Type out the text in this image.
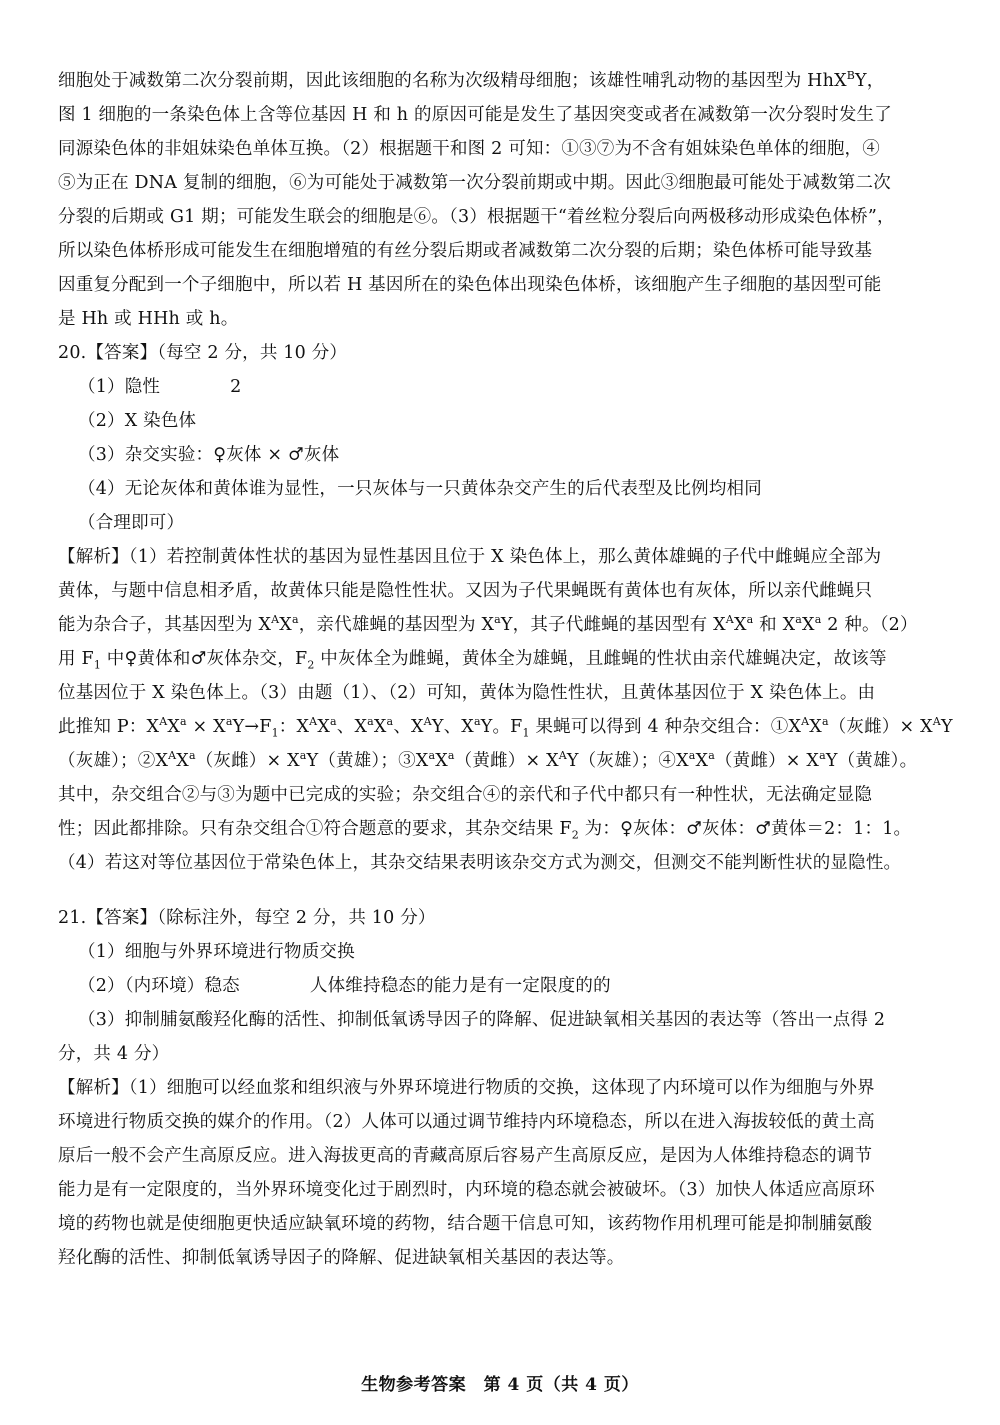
细胞处于减数第二次分裂前期，因此该细胞的名称为次级精母细胞；该雄性哺乳动物的基因型为 HhX$^B$Y，
图 1 细胞的一条染色体上含等位基因 H 和 h 的原因可能是发生了基因突变或者在减数第一次分裂时发生了
同源染色体的非姐妹染色单体互换。（2）根据题干和图 2 可知：①③⑦为不含有姐妹染色单体的细胞，④
⑤为正在 DNA 复制的细胞，⑥为可能处于减数第一次分裂前期或中期。因此③细胞最可能处于减数第二次
分裂的后期或 G1 期；可能发生联会的细胞是⑥。（3）根据题干“着丝粒分裂后向两极移动形成染色体桥”，
所以染色体桥形成可能发生在细胞增殖的有丝分裂后期或者减数第二次分裂的后期；染色体桥可能导致基
因重复分配到一个子细胞中，所以若 H 基因所在的染色体出现染色体桥，该细胞产生子细胞的基因型可能
是 Hh 或 HHh 或 h。
20.【答案】（每空 2 分，共 10 分）
（1）隐性	2
（2）X 染色体
（3）杂交实验：♀灰体 × ♂灰体
（4）无论灰体和黄体谁为显性，一只灰体与一只黄体杂交产生的后代表型及比例均相同
（合理即可）
【解析】（1）若控制黄体性状的基因为显性基因且位于 X 染色体上，那么黄体雄蝇的子代中雌蝇应全部为
黄体，与题中信息相矛盾，故黄体只能是隐性性状。又因为子代果蝇既有黄体也有灰体，所以亲代雌蝇只
能为杂合子，其基因型为 $X^AX^a$，亲代雄蝇的基因型为 $X^aY$，其子代雌蝇的基因型有 $X^AX^a$ 和 $X^aX^a$ 2 种。（2）
用 $F_1$ 中♀黄体和♂灰体杂交，$F_2$ 中灰体全为雌蝇，黄体全为雄蝇，且雌蝇的性状由亲代雄蝇决定，故该等
位基因位于 X 染色体上。（3）由题（1）、（2）可知，黄体为隐性性状，且黄体基因位于 X 染色体上。由
此推知 P：$X^AX^a \times X^aY\to F_1$：$X^AX^a$、$X^aX^a$、$X^AY$、$X^aY$。$F_1$ 果蝇可以得到 4 种杂交组合：$①X^AX^a$（灰雌）× $X^AY$
（灰雄）；$②X^AX^a$（灰雌）× $X^aY$（黄雄）；$③X^aX^a$（黄雌）× $X^AY$（灰雄）；$④X^aX^a$（黄雌）× $X^aY$（黄雄）。
其中，杂交组合②与③为题中已完成的实验；杂交组合④的亲代和子代中都只有一种性状，无法确定显隐
性；因此都排除。只有杂交组合①符合题意的要求，其杂交结果 $F_2$ 为：♀灰体：♂灰体：♂黄体＝2：1：1。
（4）若这对等位基因位于常染色体上，其杂交结果表明该杂交方式为测交，但测交不能判断性状的显隐性。
21.【答案】（除标注外，每空 2 分，共 10 分）
（1）细胞与外界环境进行物质交换
（2）（内环境）稳态	人体维持稳态的能力是有一定限度的的
（3）抑制脯氨酸羟化酶的活性、抑制低氧诱导因子的降解、促进缺氧相关基因的表达等（答出一点得 2
分，共 4 分）
【解析】（1）细胞可以经血浆和组织液与外界环境进行物质的交换，这体现了内环境可以作为细胞与外界
环境进行物质交换的媒介的作用。（2）人体可以通过调节维持内环境稳态，所以在进入海拔较低的黄土高
原后一般不会产生高原反应。进入海拔更高的青藏高原后容易产生高原反应，是因为人体维持稳态的调节
能力是有一定限度的，当外界环境变化过于剧烈时，内环境的稳态就会被破坏。（3）加快人体适应高原环
境的药物也就是使细胞更快适应缺氧环境的药物，结合题干信息可知，该药物作用机理可能是抑制脯氨酸
羟化酶的活性、抑制低氧诱导因子的降解、促进缺氧相关基因的表达等。
生物参考答案　第 4 页（共 4 页）
